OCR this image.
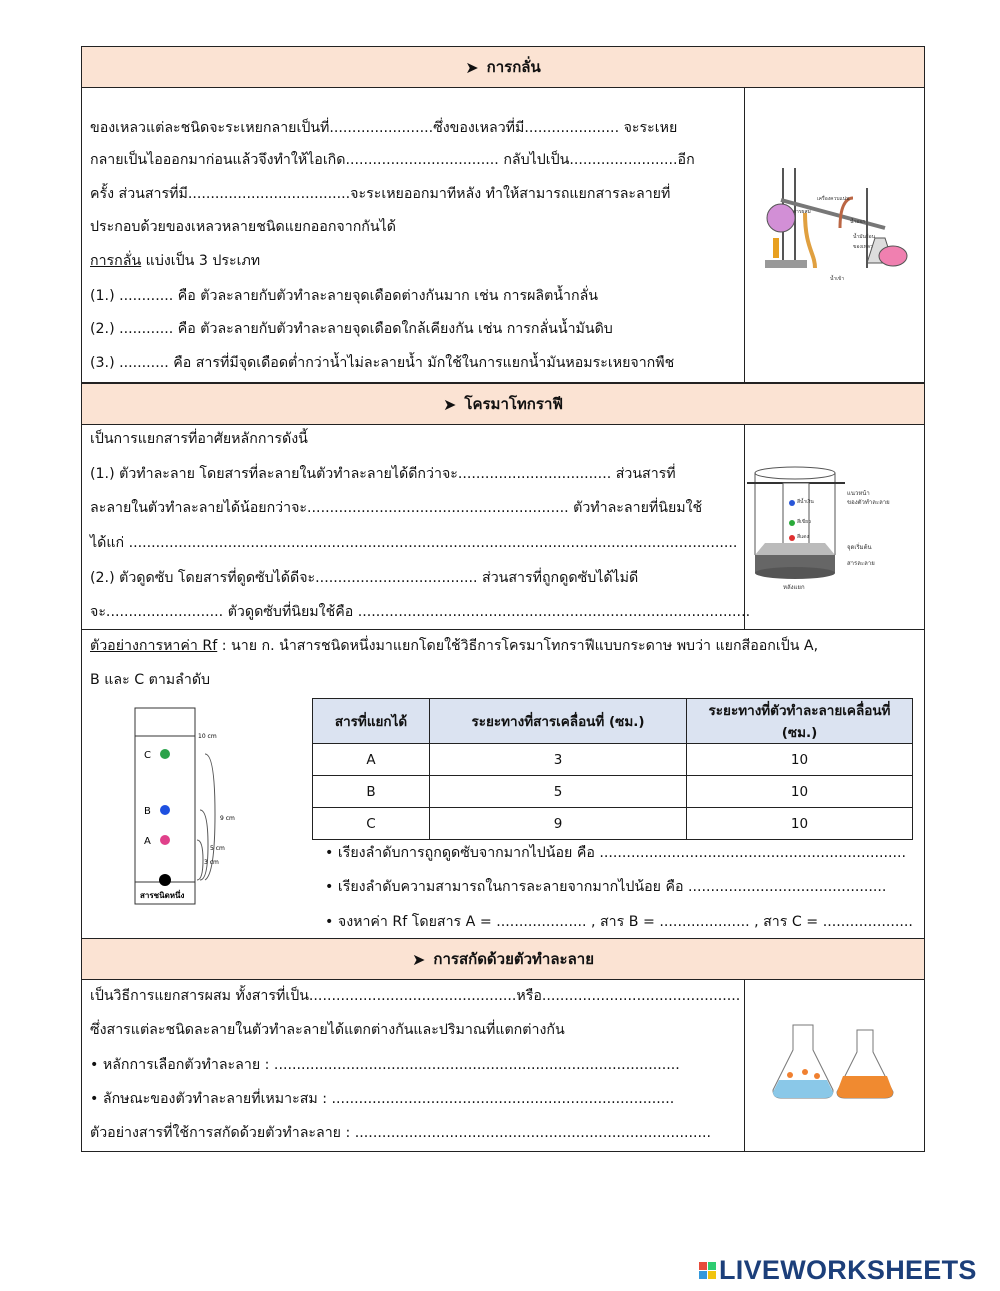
➤ การกลั่น
ของเหลวแต่ละชนิดจะระเหยกลายเป็นที่.......................ซึ่งของเหลวที่มี..................... จะระเหย
กลายเป็นไอออกมาก่อนแล้วจึงทำให้ไอเกิด.................................. กลับไปเป็น........................อีก
ครั้ง ส่วนสารที่มี....................................จะระเหยออกมาทีหลัง ทำให้สามารถแยกสารละลายที่
ประกอบด้วยของเหลวหลายชนิดแยกออกจากกันได้
การกลั่น แบ่งเป็น 3 ประเภท
(1.) ............ คือ ตัวละลายกับตัวทำละลายจุดเดือดต่างกันมาก เช่น การผลิตน้ำกลั่น
(2.) ............ คือ ตัวละลายกับตัวทำละลายจุดเดือดใกล้เคียงกัน เช่น การกลั่นน้ำมันดิบ
(3.) ........... คือ สารที่มีจุดเดือดต่ำกว่าน้ำไม่ละลายน้ำ มักใช้ในการแยกน้ำมันหอมระเหยจากพืช
เครื่องควบแน่น
สารผสม
น้ำออก
น้ำมันร้อน
ของเหลว
น้ำเข้า
➤ โครมาโทกราฟี
เป็นการแยกสารที่อาศัยหลักการดังนี้
(1.) ตัวทำละลาย โดยสารที่ละลายในตัวทำละลายได้ดีกว่าจะ.................................. ส่วนสารที่
ละลายในตัวทำละลายได้น้อยกว่าจะ.......................................................... ตัวทำละลายที่นิยมใช้
ได้แก่ .......................................................................................................................................
(2.) ตัวดูดซับ โดยสารที่ดูดซับได้ดีจะ.................................... ส่วนสารที่ถูกดูดซับได้ไม่ดี
จะ.......................... ตัวดูดซับที่นิยมใช้คือ .......................................................................................
สีน้ำเงิน
สีเขียว
สีแดง
แนวหน้า
ของตัวทำละลาย
จุดเริ่มต้น
สารละลาย
หลังแยก
ตัวอย่างการหาค่า Rf : นาย ก. นำสารชนิดหนึ่งมาแยกโดยใช้วิธีการโครมาโทกราฟีแบบกระดาษ พบว่า แยกสีออกเป็น A,
B และ C ตามลำดับ
C
B
A
10 cm
9 cm
5 cm
3 cm
สารชนิดหนึ่ง
สารที่แยกได้	ระยะทางที่สารเคลื่อนที่ (ซม.)	ระยะทางที่ตัวทำละลายเคลื่อนที่ (ซม.)
A	3	10
B	5	10
C	9	10
• เรียงลำดับการถูกดูดซับจากมากไปน้อย คือ ....................................................................
• เรียงลำดับความสามารถในการละลายจากมากไปน้อย คือ ............................................
• จงหาค่า Rf โดยสาร A = .................... , สาร B = .................... , สาร C = ....................
➤ การสกัดด้วยตัวทำละลาย
เป็นวิธีการแยกสารผสม ทั้งสารที่เป็น..............................................หรือ............................................
ซึ่งสารแต่ละชนิดละลายในตัวทำละลายได้แตกต่างกันและปริมาณที่แตกต่างกัน
• หลักการเลือกตัวทำละลาย : ..........................................................................................
• ลักษณะของตัวทำละลายที่เหมาะสม : ............................................................................
ตัวอย่างสารที่ใช้การสกัดด้วยตัวทำละลาย : ...............................................................................
LIVEWORKSHEETS
